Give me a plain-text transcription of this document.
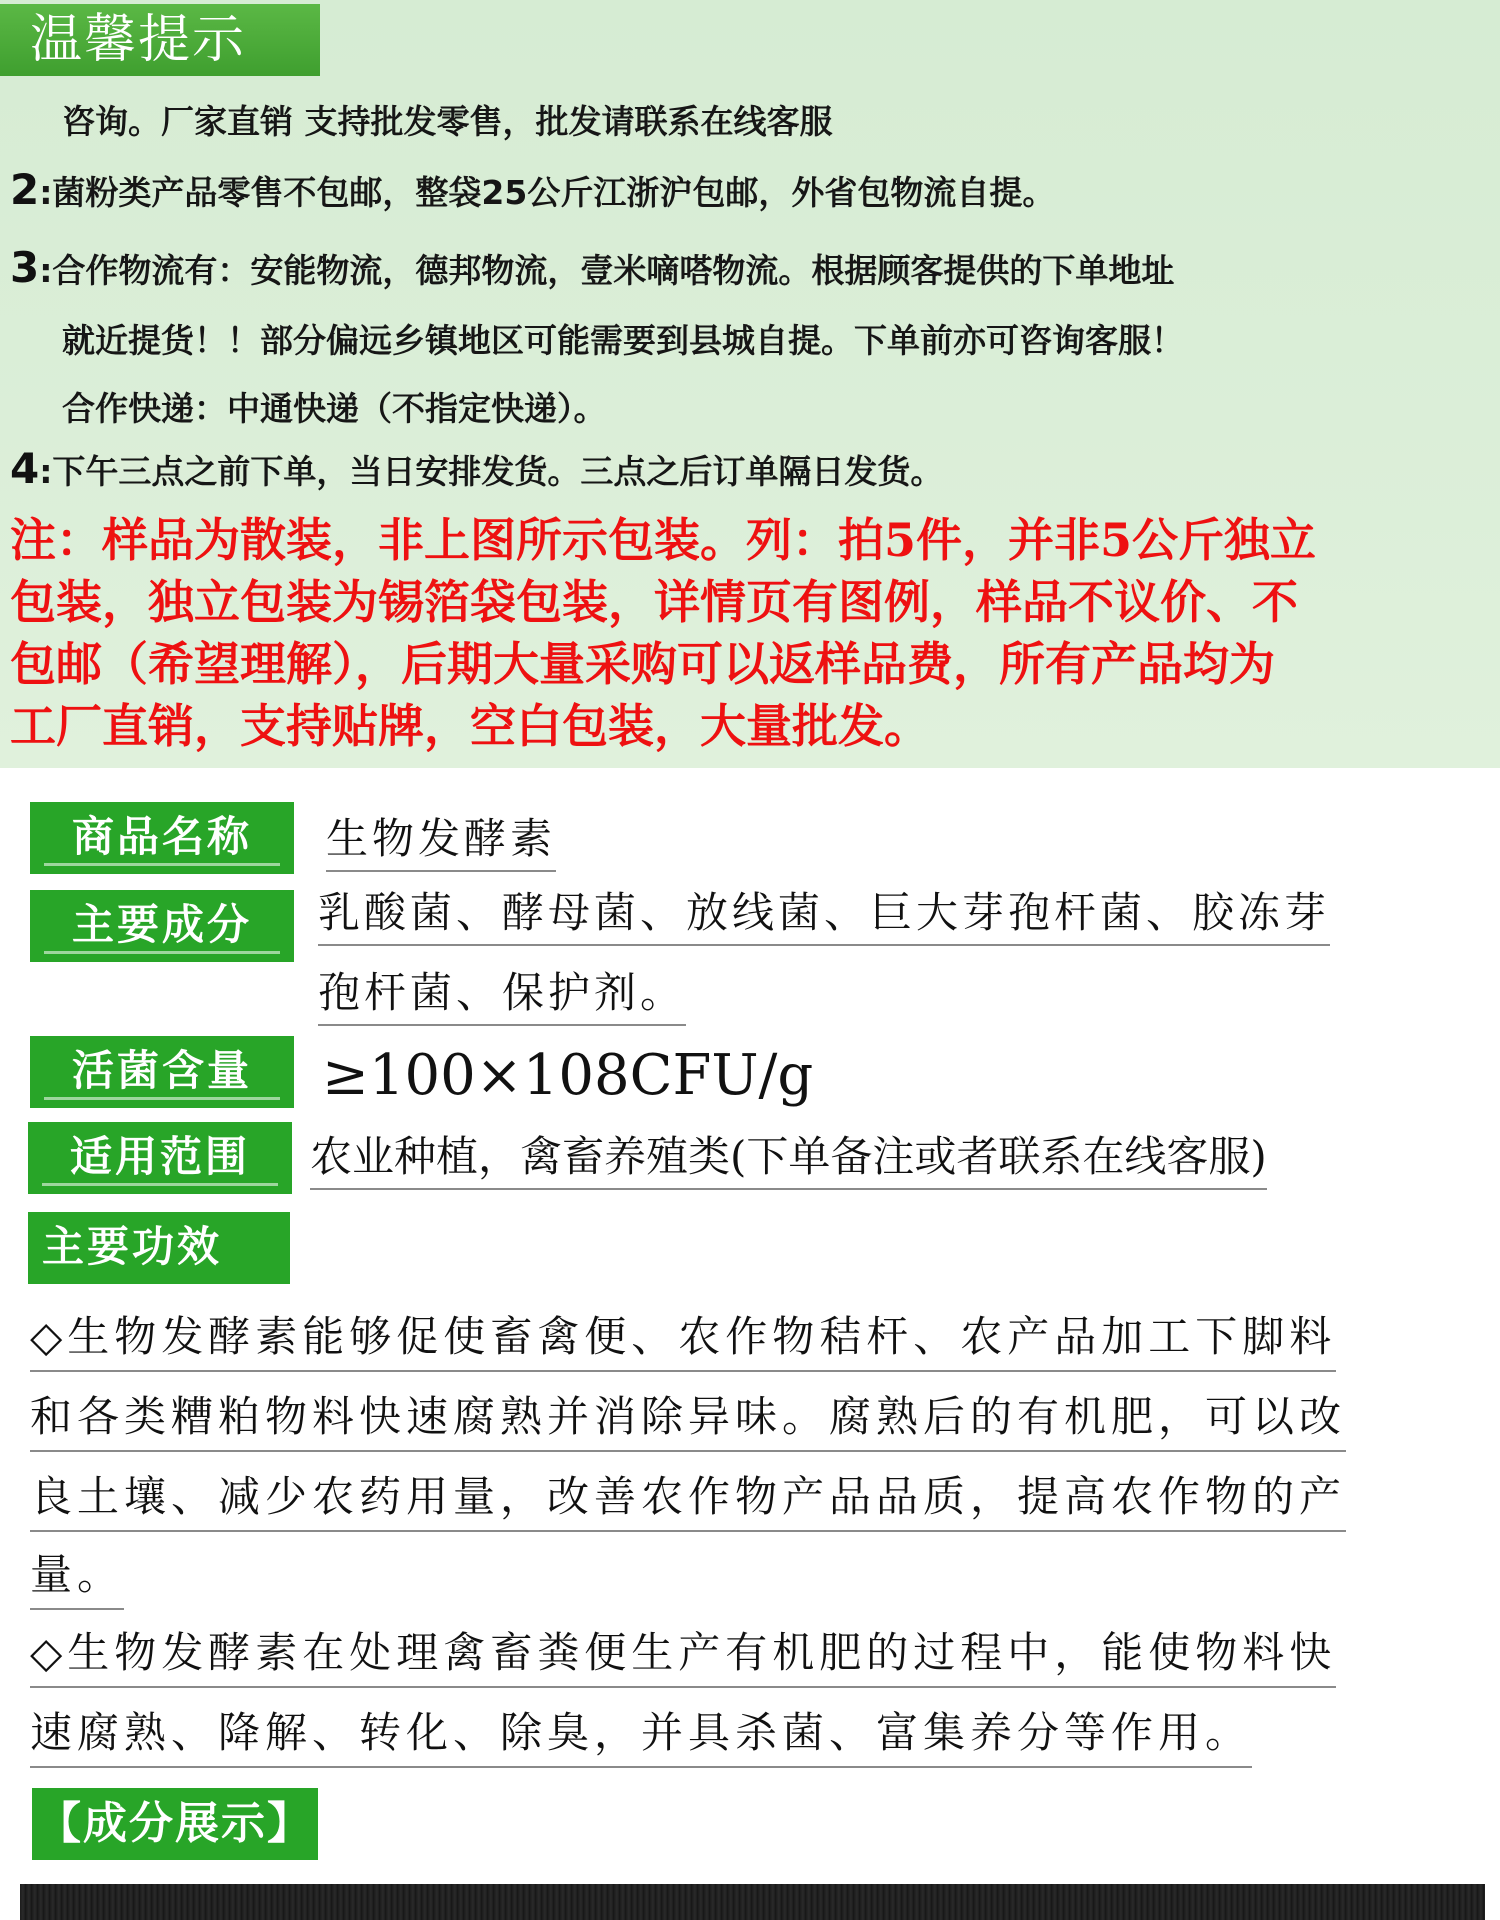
温馨提示
咨询。厂家直销 支持批发零售，批发请联系在线客服
2:菌粉类产品零售不包邮，整袋25公斤江浙沪包邮，外省包物流自提。
3:合作物流有：安能物流，德邦物流，壹米嘀嗒物流。根据顾客提供的下单地址
就近提货！！部分偏远乡镇地区可能需要到县城自提。下单前亦可咨询客服！
合作快递：中通快递（不指定快递）。
4:下午三点之前下单，当日安排发货。三点之后订单隔日发货。
注：样品为散装，非上图所示包装。列：拍5件，并非5公斤独立
包装，独立包装为锡箔袋包装，详情页有图例，样品不议价、不
包邮（希望理解），后期大量采购可以返样品费，所有产品均为
工厂直销，支持贴牌，空白包装，大量批发。
商品名称	生物发酵素
主要成分	乳酸菌、酵母菌、放线菌、巨大芽孢杆菌、胶冻芽
孢杆菌、保护剂。
活菌含量	≥100×108CFU/g
适用范围	农业种植，禽畜养殖类(下单备注或者联系在线客服)
主要功效
◇生物发酵素能够促使畜禽便、农作物秸杆、农产品加工下脚料
和各类糟粕物料快速腐熟并消除异味。腐熟后的有机肥，可以改
良土壤、减少农药用量，改善农作物产品品质，提高农作物的产
量。
◇生物发酵素在处理禽畜粪便生产有机肥的过程中，能使物料快
速腐熟、降解、转化、除臭，并具杀菌、富集养分等作用。
【成分展示】
